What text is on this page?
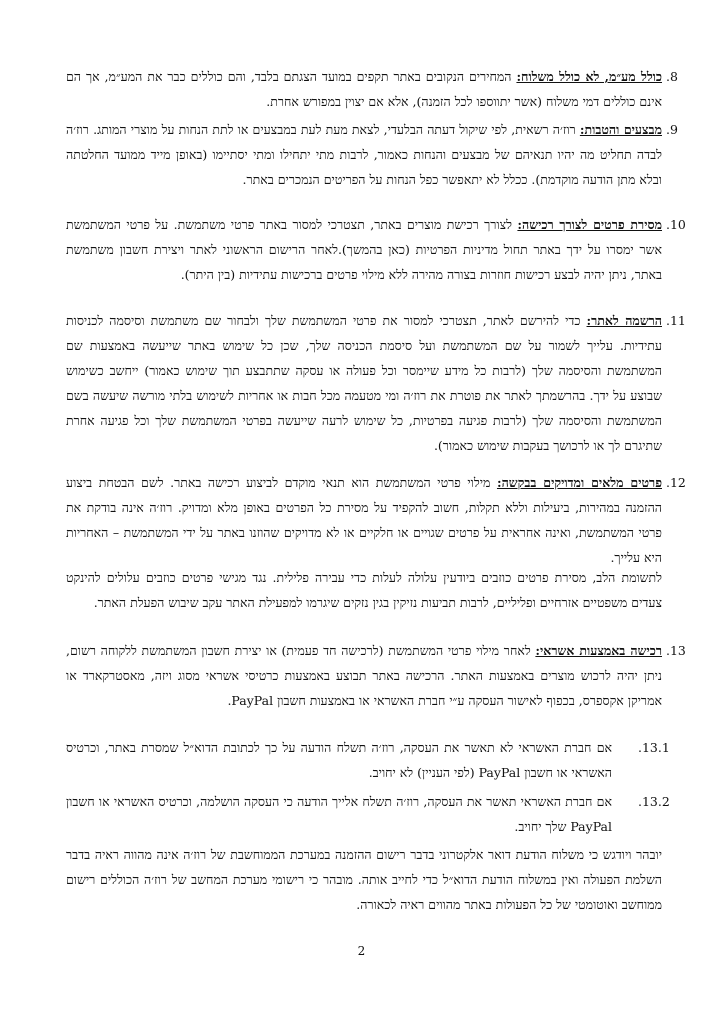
.8
כולל מע״מ, לא כולל משלוח: המחירים הנקובים באתר תקפים במועד הצגתם בלבד, והם כוללים כבר את המע״מ, אך הם אינם כוללים דמי משלוח (אשר יתווספו לכל הזמנה), אלא אם יצוין במפורש אחרת.
.9
מבצעים והטבות: רוז׳ה רשאית, לפי שיקול דעתה הבלעדי, לצאת מעת לעת במבצעים או לתת הנחות על מוצרי המותג. רוז׳ה לבדה תחליט מה יהיו תנאיהם של מבצעים והנחות כאמור, לרבות מתי יתחילו ומתי יסתיימו (באופן מייד ממועד החלטתה ובלא מתן הודעה מוקדמת). ככלל לא יתאפשר כפל הנחות על הפריטים הנמכרים באתר.
.10
מסירת פרטים לצורך רכישה: לצורך רכישת מוצרים באתר, תצטרכי למסור באתר פרטי משתמשת. על פרטי המשתמשת אשר ימסרו על ידך באתר תחול מדיניות הפרטיות (כאן בהמשך).לאחר הרישום הראשוני לאתר ויצירת חשבון משתמשת באתר, ניתן יהיה לבצע רכישות חוזרות בצורה מהירה ללא מילוי פרטים ברכישות עתידיות (בין היתר).
.11
הרשמה לאתר: כדי להירשם לאתר, תצטרכי למסור את פרטי המשתמשת שלך ולבחור שם משתמשת וסיסמה לכניסות עתידיות. עלייך לשמור על שם המשתמשת ועל סיסמת הכניסה שלך, שכן כל שימוש באתר שייעשה באמצעות שם המשתמשת והסיסמה שלך (לרבות כל מידע שיימסר וכל פעולה או עסקה שתתבצע תוך שימוש כאמור) ייחשב כשימוש שבוצע על ידך. בהרשמתך לאתר את פוטרת את רוז׳ה ומי מטעמה מכל חבות או אחריות לשימוש בלתי מורשה שיעשה בשם המשתמשת והסיסמה שלך (לרבות פגיעה בפרטיות, כל שימוש לרעה שייעשה בפרטי המשתמשת שלך וכל פגיעה אחרת שתיגרם לך או לרכושך בעקבות שימוש כאמור).
.12
פרטים מלאים ומדויקים בבקשה: מילוי פרטי המשתמשת הוא תנאי מוקדם לביצוע רכישה באתר. לשם הבטחת ביצוע ההזמנה במהירות, ביעילות וללא תקלות, חשוב להקפיד על מסירת כל הפרטים באופן מלא ומדויק. רוז׳ה אינה בודקת את פרטי המשתמשת, ואינה אחראית על פרטים שגויים או חלקיים או לא מדויקים שהוזנו באתר על ידי המשתמשת – האחריות היא עלייך.
לתשומת הלב, מסירת פרטים כוזבים ביודעין עלולה לעלות כדי עבירה פלילית. נגד מגישי פרטים כוזבים עלולים להינקט צעדים משפטיים אזרחיים ופליליים, לרבות תביעות נזיקין בגין נזקים שיגרמו למפעילת האתר עקב שיבוש הפעלת האתר.
.13
רכישה באמצעות אשראי: לאחר מילוי פרטי המשתמשת (לרכישה חד פעמית) או יצירת חשבון המשתמשת ללקוחה רשום, ניתן יהיה לרכוש מוצרים באמצעות האתר. הרכישה באתר תבוצע באמצעות כרטיסי אשראי מסוג ויזה, מאסטרקארד או אמריקן אקספרס, בכפוף לאישור העסקה ע״י חברת האשראי או באמצעות חשבון PayPal.
.13.1
אם חברת האשראי לא תאשר את העסקה, רוז׳ה תשלח הודעה על כך לכתובת הדוא״ל שמסרת באתר, וכרטיס האשראי או חשבון PayPal (לפי העניין) לא יחויב.
.13.2
אם חברת האשראי תאשר את העסקה, רוז׳ה תשלח אלייך הודעה כי העסקה הושלמה, וכרטיס האשראי או חשבון PayPal שלך יחויב.
יובהר ויודגש כי משלוח הודעת דואר אלקטרוני בדבר רישום ההזמנה במערכת הממוחשבת של רוז׳ה אינה מהווה ראיה בדבר השלמת הפעולה ואין במשלוח הודעת הדוא״ל כדי לחייב אותה. מובהר כי רישומי מערכת המחשב של רוז׳ה הכוללים רישום ממוחשב ואוטומטי של כל הפעולות באתר מהווים ראיה לכאורה.
2
